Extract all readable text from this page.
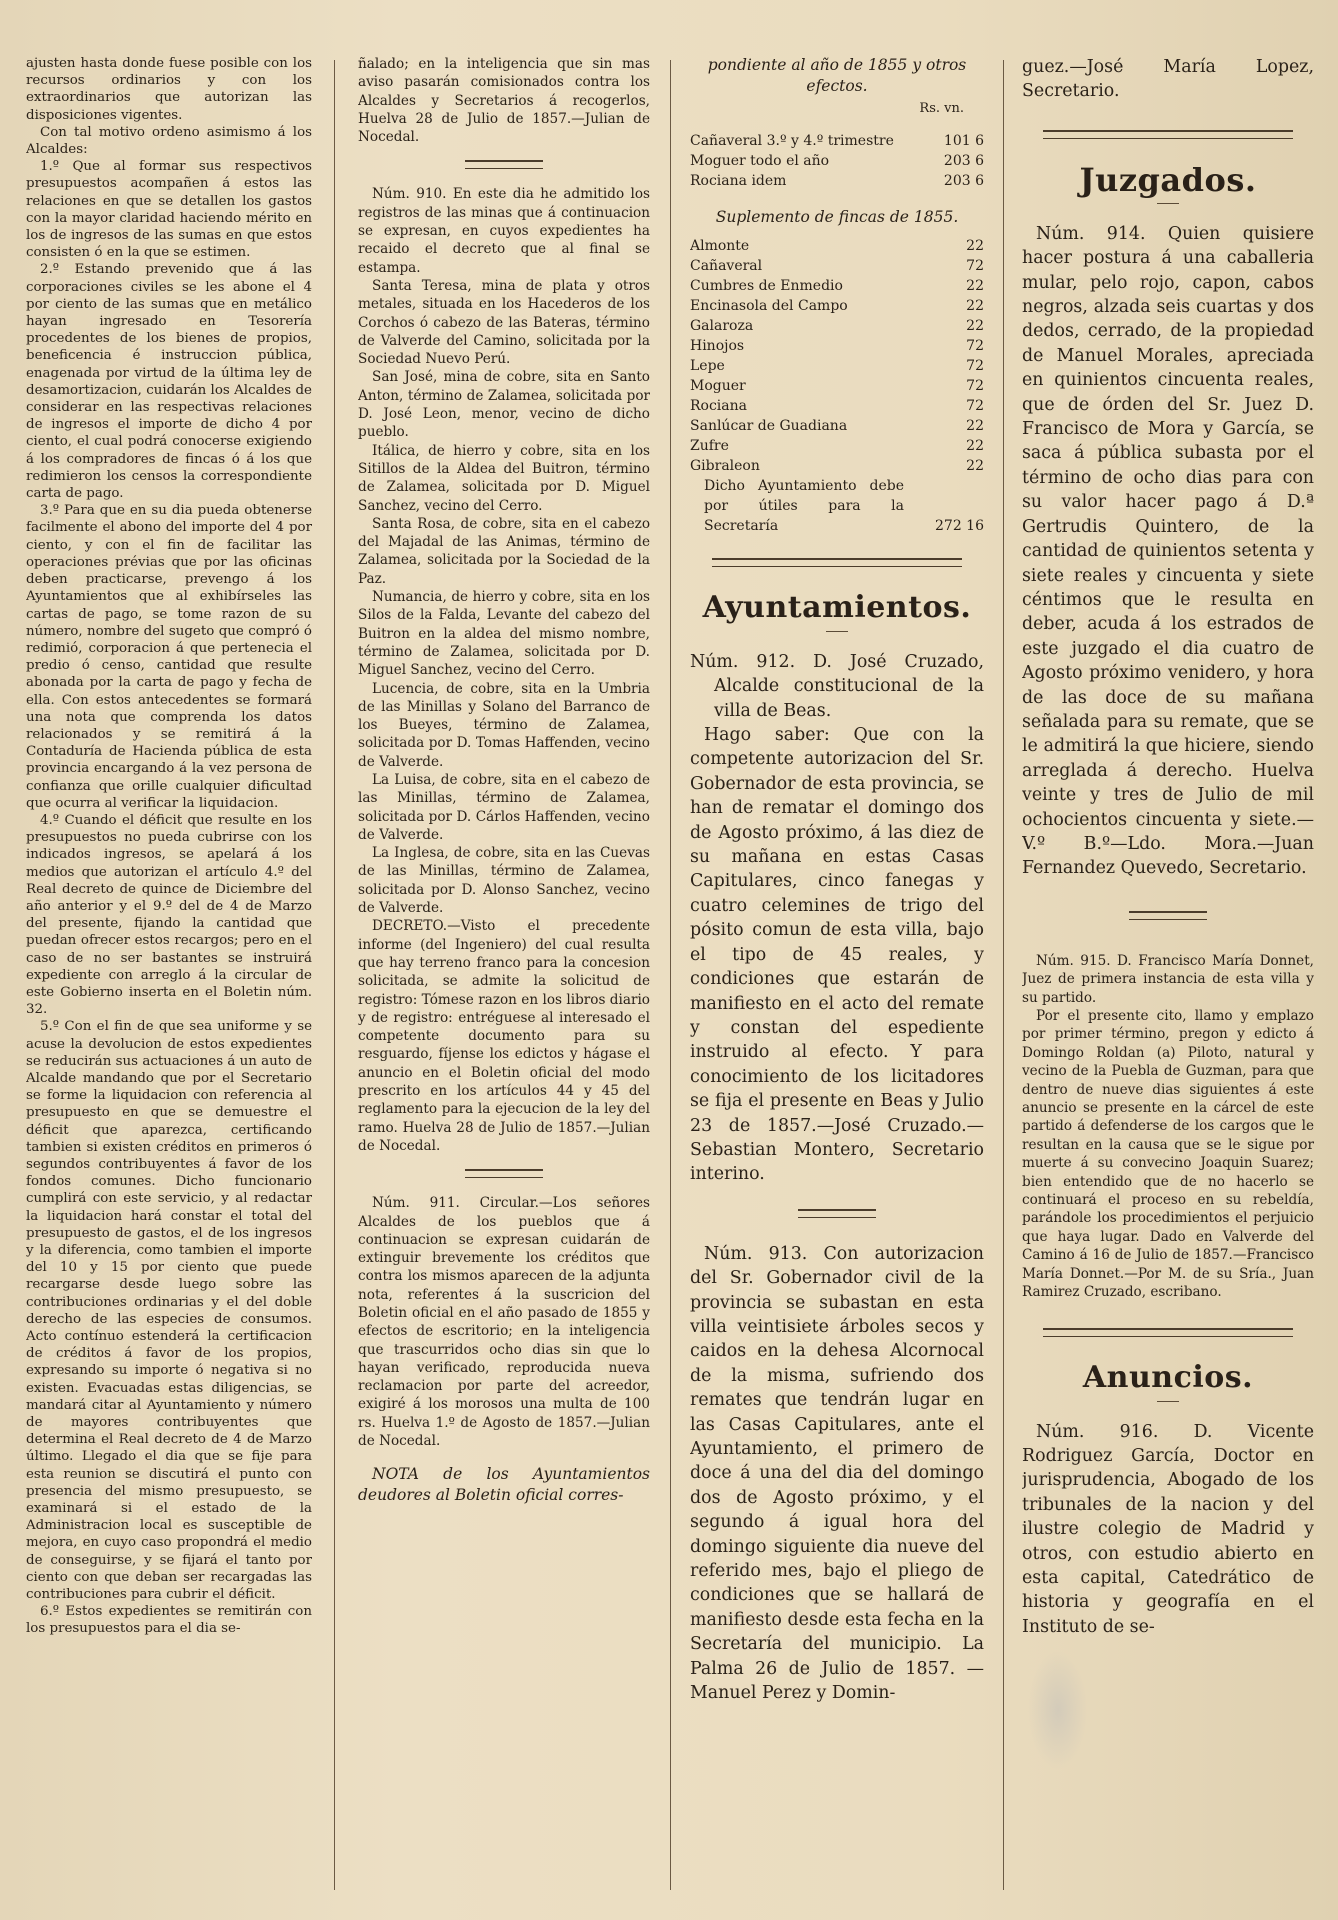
ajusten hasta donde fuese posible con los recursos ordinarios y con los extraordinarios que autorizan las disposiciones vigentes.

Con tal motivo ordeno asimismo á los Alcaldes:

1.º Que al formar sus respectivos presupuestos acompañen á estos las relaciones en que se detallen los gastos con la mayor claridad haciendo mérito en los de ingresos de las sumas en que estos consisten ó en la que se estimen.

2.º Estando prevenido que á las corporaciones civiles se les abone el 4 por ciento de las sumas que en metálico hayan ingresado en Tesorería procedentes de los bienes de propios, beneficencia é instruccion pública, enagenada por virtud de la última ley de desamortizacion, cuidarán los Alcaldes de considerar en las respectivas relaciones de ingresos el importe de dicho 4 por ciento, el cual podrá conocerse exigiendo á los compradores de fincas ó á los que redimieron los censos la correspondiente carta de pago.

3.º Para que en su dia pueda obtenerse facilmente el abono del importe del 4 por ciento, y con el fin de facilitar las operaciones prévias que por las oficinas deben practicarse, prevengo á los Ayuntamientos que al exhibírseles las cartas de pago, se tome razon de su número, nombre del sugeto que compró ó redimió, corporacion á que pertenecia el predio ó censo, cantidad que resulte abonada por la carta de pago y fecha de ella. Con estos antecedentes se formará una nota que comprenda los datos relacionados y se remitirá á la Contaduría de Hacienda pública de esta provincia encargando á la vez persona de confianza que orille cualquier dificultad que ocurra al verificar la liquidacion.

4.º Cuando el déficit que resulte en los presupuestos no pueda cubrirse con los indicados ingresos, se apelará á los medios que autorizan el artículo 4.º del Real decreto de quince de Diciembre del año anterior y el 9.º del de 4 de Marzo del presente, fijando la cantidad que puedan ofrecer estos recargos; pero en el caso de no ser bastantes se instruirá expediente con arreglo á la circular de este Gobierno inserta en el Boletin núm. 32.

5.º Con el fin de que sea uniforme y se acuse la devolucion de estos expedientes se reducirán sus actuaciones á un auto de Alcalde mandando que por el Secretario se forme la liquidacion con referencia al presupuesto en que se demuestre el déficit que aparezca, certificando tambien si existen créditos en primeros ó segundos contribuyentes á favor de los fondos comunes. Dicho funcionario cumplirá con este servicio, y al redactar la liquidacion hará constar el total del presupuesto de gastos, el de los ingresos y la diferencia, como tambien el importe del 10 y 15 por ciento que puede recargarse desde luego sobre las contribuciones ordinarias y el del doble derecho de las especies de consumos. Acto contínuo estenderá la certificacion de créditos á favor de los propios, expresando su importe ó negativa si no existen. Evacuadas estas diligencias, se mandará citar al Ayuntamiento y número de mayores contribuyentes que determina el Real decreto de 4 de Marzo último. Llegado el dia que se fije para esta reunion se discutirá el punto con presencia del mismo presupuesto, se examinará si el estado de la Administracion local es susceptible de mejora, en cuyo caso propondrá el medio de conseguirse, y se fijará el tanto por ciento con que deban ser recargadas las contribuciones para cubrir el déficit.

6.º Estos expedientes se remitirán con los presupuestos para el dia se-

ñalado; en la inteligencia que sin mas aviso pasarán comisionados contra los Alcaldes y Secretarios á recogerlos, Huelva 28 de Julio de 1857.—Julian de Nocedal.

Núm. 910. En este dia he admitido los registros de las minas que á continuacion se expresan, en cuyos expedientes ha recaido el decreto que al final se estampa.

Santa Teresa, mina de plata y otros metales, situada en los Hacederos de los Corchos ó cabezo de las Bateras, término de Valverde del Camino, solicitada por la Sociedad Nuevo Perú.

San José, mina de cobre, sita en Santo Anton, término de Zalamea, solicitada por D. José Leon, menor, vecino de dicho pueblo.

Itálica, de hierro y cobre, sita en los Sitillos de la Aldea del Buitron, término de Zalamea, solicitada por D. Miguel Sanchez, vecino del Cerro.

Santa Rosa, de cobre, sita en el cabezo del Majadal de las Animas, término de Zalamea, solicitada por la Sociedad de la Paz.

Numancia, de hierro y cobre, sita en los Silos de la Falda, Levante del cabezo del Buitron en la aldea del mismo nombre, término de Zalamea, solicitada por D. Miguel Sanchez, vecino del Cerro.

Lucencia, de cobre, sita en la Umbria de las Minillas y Solano del Barranco de los Bueyes, término de Zalamea, solicitada por D. Tomas Haffenden, vecino de Valverde.

La Luisa, de cobre, sita en el cabezo de las Minillas, término de Zalamea, solicitada por D. Cárlos Haffenden, vecino de Valverde.

La Inglesa, de cobre, sita en las Cuevas de las Minillas, término de Zalamea, solicitada por D. Alonso Sanchez, vecino de Valverde.

DECRETO.—Visto el precedente informe (del Ingeniero) del cual resulta que hay terreno franco para la concesion solicitada, se admite la solicitud de registro: Tómese razon en los libros diario y de registro: entréguese al interesado el competente documento para su resguardo, fíjense los edictos y hágase el anuncio en el Boletin oficial del modo prescrito en los artículos 44 y 45 del reglamento para la ejecucion de la ley del ramo. Huelva 28 de Julio de 1857.—Julian de Nocedal.

Núm. 911. Circular.—Los señores Alcaldes de los pueblos que á continuacion se expresan cuidarán de extinguir brevemente los créditos que contra los mismos aparecen de la adjunta nota, referentes á la suscricion del Boletin oficial en el año pasado de 1855 y efectos de escritorio; en la inteligencia que trascurridos ocho dias sin que lo hayan verificado, reproducida nueva reclamacion por parte del acreedor, exigiré á los morosos una multa de 100 rs. Huelva 1.º de Agosto de 1857.—Julian de Nocedal.

NOTA de los Ayuntamientos deudores al Boletin oficial corres-

pondiente al año de 1855 y otros efectos.

Rs. vn.
Cañaveral 3.º y 4.º trimestre	101 6
Moguer todo el año	203 6
Rociana idem	203 6

Suplemento de fincas de 1855.

Almonte	22
Cañaveral	72
Cumbres de Enmedio	22
Encinasola del Campo	22
Galaroza	22
Hinojos	72
Lepe	72
Moguer	72
Rociana	72
Sanlúcar de Guadiana	22
Zufre	22
Gibraleon	22
Dicho Ayuntamiento debe por útiles para la Secretaría	272 16
Ayuntamientos.

Núm. 912. D. José Cruzado, Alcalde constitucional de la villa de Beas.

Hago saber: Que con la competente autorizacion del Sr. Gobernador de esta provincia, se han de rematar el domingo dos de Agosto próximo, á las diez de su mañana en estas Casas Capitulares, cinco fanegas y cuatro celemines de trigo del pósito comun de esta villa, bajo el tipo de 45 reales, y condiciones que estarán de manifiesto en el acto del remate y constan del espediente instruido al efecto. Y para conocimiento de los licitadores se fija el presente en Beas y Julio 23 de 1857.—José Cruzado.—Sebastian Montero, Secretario interino.

Núm. 913. Con autorizacion del Sr. Gobernador civil de la provincia se subastan en esta villa veintisiete árboles secos y caidos en la dehesa Alcornocal de la misma, sufriendo dos remates que tendrán lugar en las Casas Capitulares, ante el Ayuntamiento, el primero de doce á una del dia del domingo dos de Agosto próximo, y el segundo á igual hora del domingo siguiente dia nueve del referido mes, bajo el pliego de condiciones que se hallará de manifiesto desde esta fecha en la Secretaría del municipio. La Palma 26 de Julio de 1857. —Manuel Perez y Domin-

guez.—José María Lopez, Secretario.

Juzgados.

Núm. 914. Quien quisiere hacer postura á una caballeria mular, pelo rojo, capon, cabos negros, alzada seis cuartas y dos dedos, cerrado, de la propiedad de Manuel Morales, apreciada en quinientos cincuenta reales, que de órden del Sr. Juez D. Francisco de Mora y García, se saca á pública subasta por el término de ocho dias para con su valor hacer pago á D.ª Gertrudis Quintero, de la cantidad de quinientos setenta y siete reales y cincuenta y siete céntimos que le resulta en deber, acuda á los estrados de este juzgado el dia cuatro de Agosto próximo venidero, y hora de las doce de su mañana señalada para su remate, que se le admitirá la que hiciere, siendo arreglada á derecho. Huelva veinte y tres de Julio de mil ochocientos cincuenta y siete.—V.º B.º—Ldo. Mora.—Juan Fernandez Quevedo, Secretario.

Núm. 915. D. Francisco María Donnet, Juez de primera instancia de esta villa y su partido.

Por el presente cito, llamo y emplazo por primer término, pregon y edicto á Domingo Roldan (a) Piloto, natural y vecino de la Puebla de Guzman, para que dentro de nueve dias siguientes á este anuncio se presente en la cárcel de este partido á defenderse de los cargos que le resultan en la causa que se le sigue por muerte á su convecino Joaquin Suarez; bien entendido que de no hacerlo se continuará el proceso en su rebeldía, parándole los procedimientos el perjuicio que haya lugar. Dado en Valverde del Camino á 16 de Julio de 1857.—Francisco María Donnet.—Por M. de su Sría., Juan Ramirez Cruzado, escribano.

Anuncios.

Núm. 916. D. Vicente Rodriguez García, Doctor en jurisprudencia, Abogado de los tribunales de la nacion y del ilustre colegio de Madrid y otros, con estudio abierto en esta capital, Catedrático de historia y geografía en el Instituto de se-
